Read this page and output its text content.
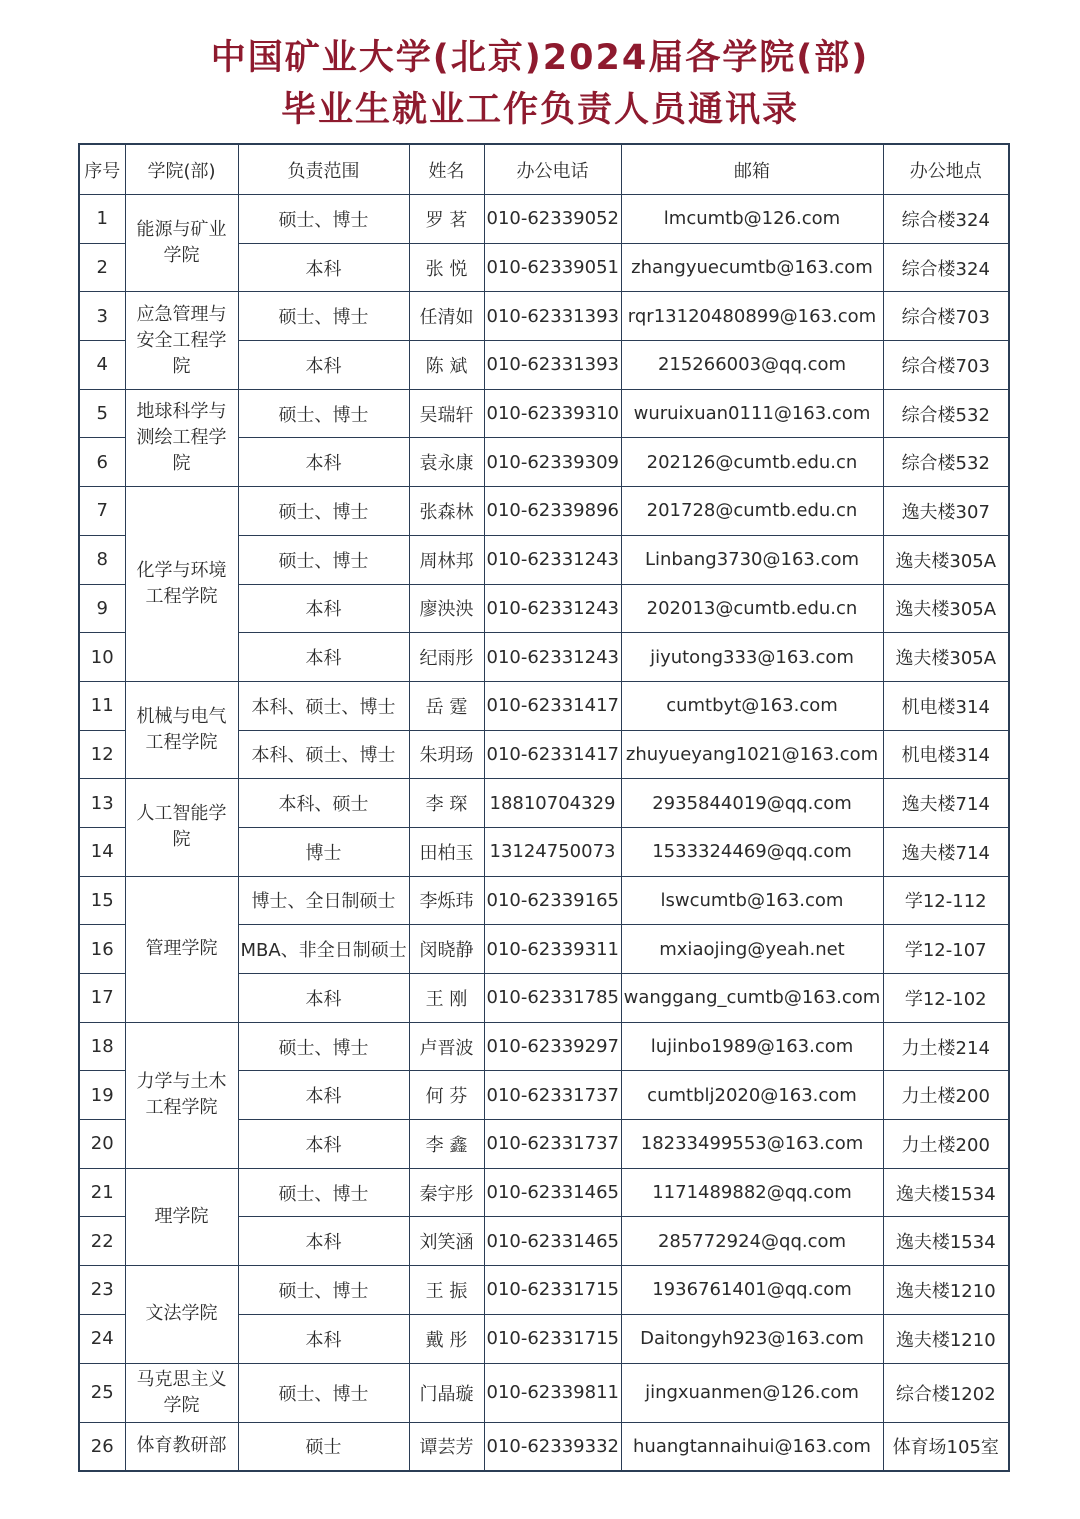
中国矿业大学(北京)2024届各学院(部)
毕业生就业工作负责人员通讯录
序号	学院(部)	负责范围	姓名	办公电话	邮箱	办公地点
1	能源与矿业学院	硕士、博士	罗 茗	010-62339052	lmcumtb@126.com	综合楼324
2		本科	张 悦	010-62339051	zhangyuecumtb@163.com	综合楼324
3	应急管理与安全工程学院	硕士、博士	任清如	010-62331393	rqr13120480899@163.com	综合楼703
4		本科	陈 斌	010-62331393	215266003@qq.com	综合楼703
5	地球科学与测绘工程学院	硕士、博士	吴瑞轩	010-62339310	wuruixuan0111@163.com	综合楼532
6		本科	袁永康	010-62339309	202126@cumtb.edu.cn	综合楼532
7	化学与环境工程学院	硕士、博士	张森林	010-62339896	201728@cumtb.edu.cn	逸夫楼307
8		硕士、博士	周林邦	010-62331243	Linbang3730@163.com	逸夫楼305A
9		本科	廖泱泱	010-62331243	202013@cumtb.edu.cn	逸夫楼305A
10		本科	纪雨彤	010-62331243	jiyutong333@163.com	逸夫楼305A
11	机械与电气工程学院	本科、硕士、博士	岳 霆	010-62331417	cumtbyt@163.com	机电楼314
12		本科、硕士、博士	朱玥玚	010-62331417	zhuyueyang1021@163.com	机电楼314
13	人工智能学院	本科、硕士	李 琛	18810704329	2935844019@qq.com	逸夫楼714
14		博士	田柏玉	13124750073	1533324469@qq.com	逸夫楼714
15	管理学院	博士、全日制硕士	李烁玮	010-62339165	lswcumtb@163.com	学12-112
16		MBA、非全日制硕士	闵晓静	010-62339311	mxiaojing@yeah.net	学12-107
17		本科	王 刚	010-62331785	wanggang_cumtb@163.com	学12-102
18	力学与土木工程学院	硕士、博士	卢晋波	010-62339297	lujinbo1989@163.com	力土楼214
19		本科	何 芬	010-62331737	cumtblj2020@163.com	力土楼200
20		本科	李 鑫	010-62331737	18233499553@163.com	力土楼200
21	理学院	硕士、博士	秦宇彤	010-62331465	1171489882@qq.com	逸夫楼1534
22		本科	刘笑涵	010-62331465	285772924@qq.com	逸夫楼1534
23	文法学院	硕士、博士	王 振	010-62331715	1936761401@qq.com	逸夫楼1210
24		本科	戴 彤	010-62331715	Daitongyh923@163.com	逸夫楼1210
25	马克思主义学院	硕士、博士	门晶璇	010-62339811	jingxuanmen@126.com	综合楼1202
26	体育教研部	硕士	谭芸芳	010-62339332	huangtannaihui@163.com	体育场105室
